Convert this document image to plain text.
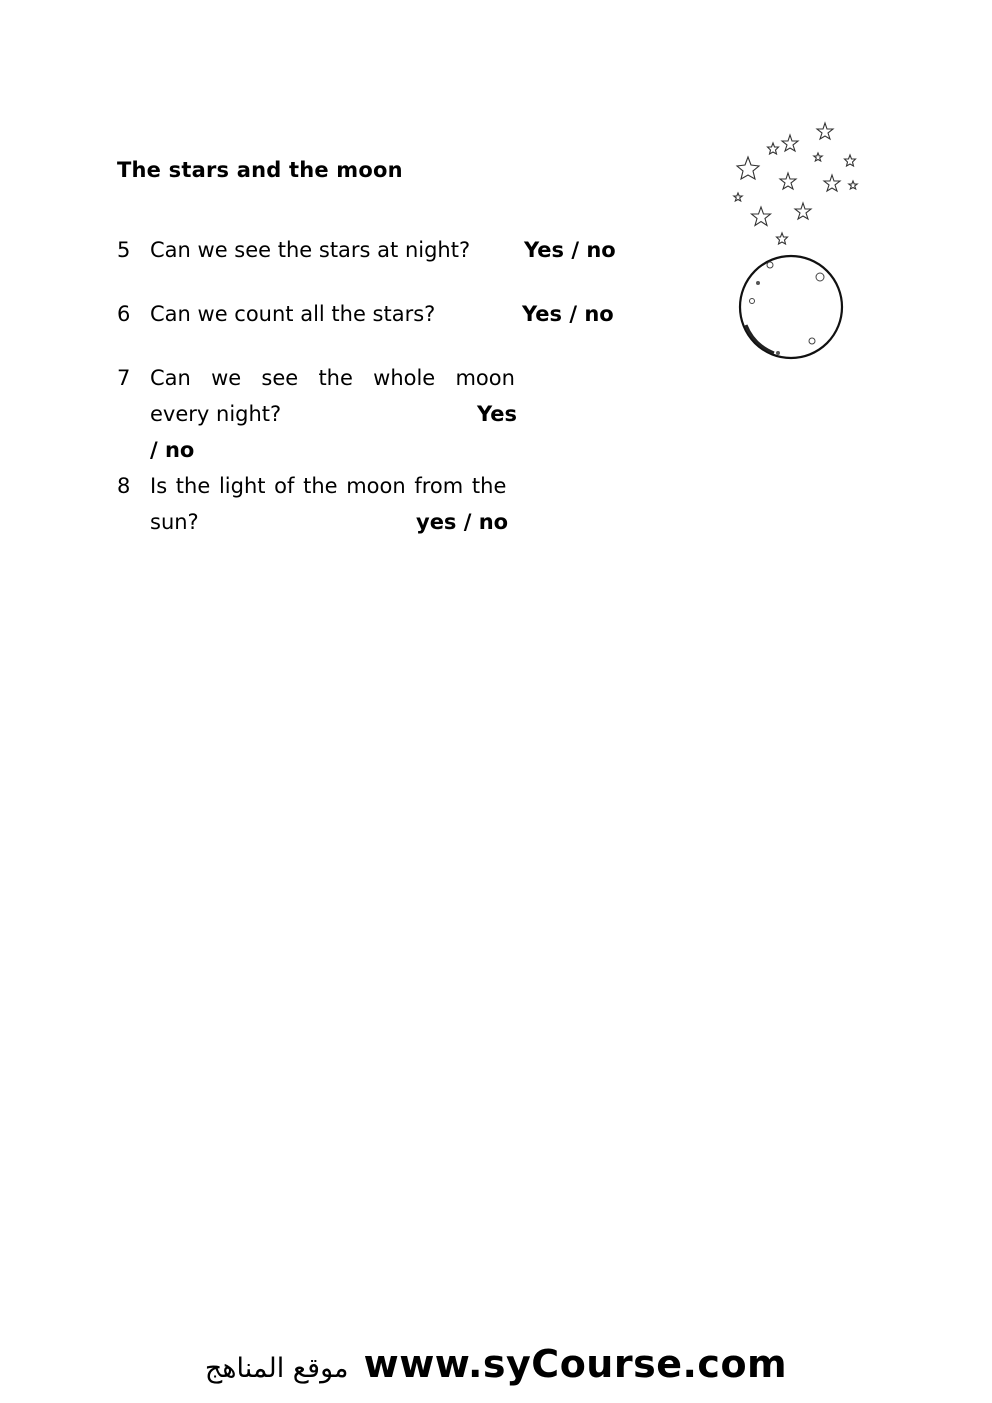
The stars and the moon
5 Can we see the stars at night?	Yes / no
6 Can we count all the stars?	Yes / no
7 Can we see the whole moon
every night?	Yes
/ no
8 Is the light of the moon from the
sun?	yes / no
موقع المناهج www.syCourse.com
